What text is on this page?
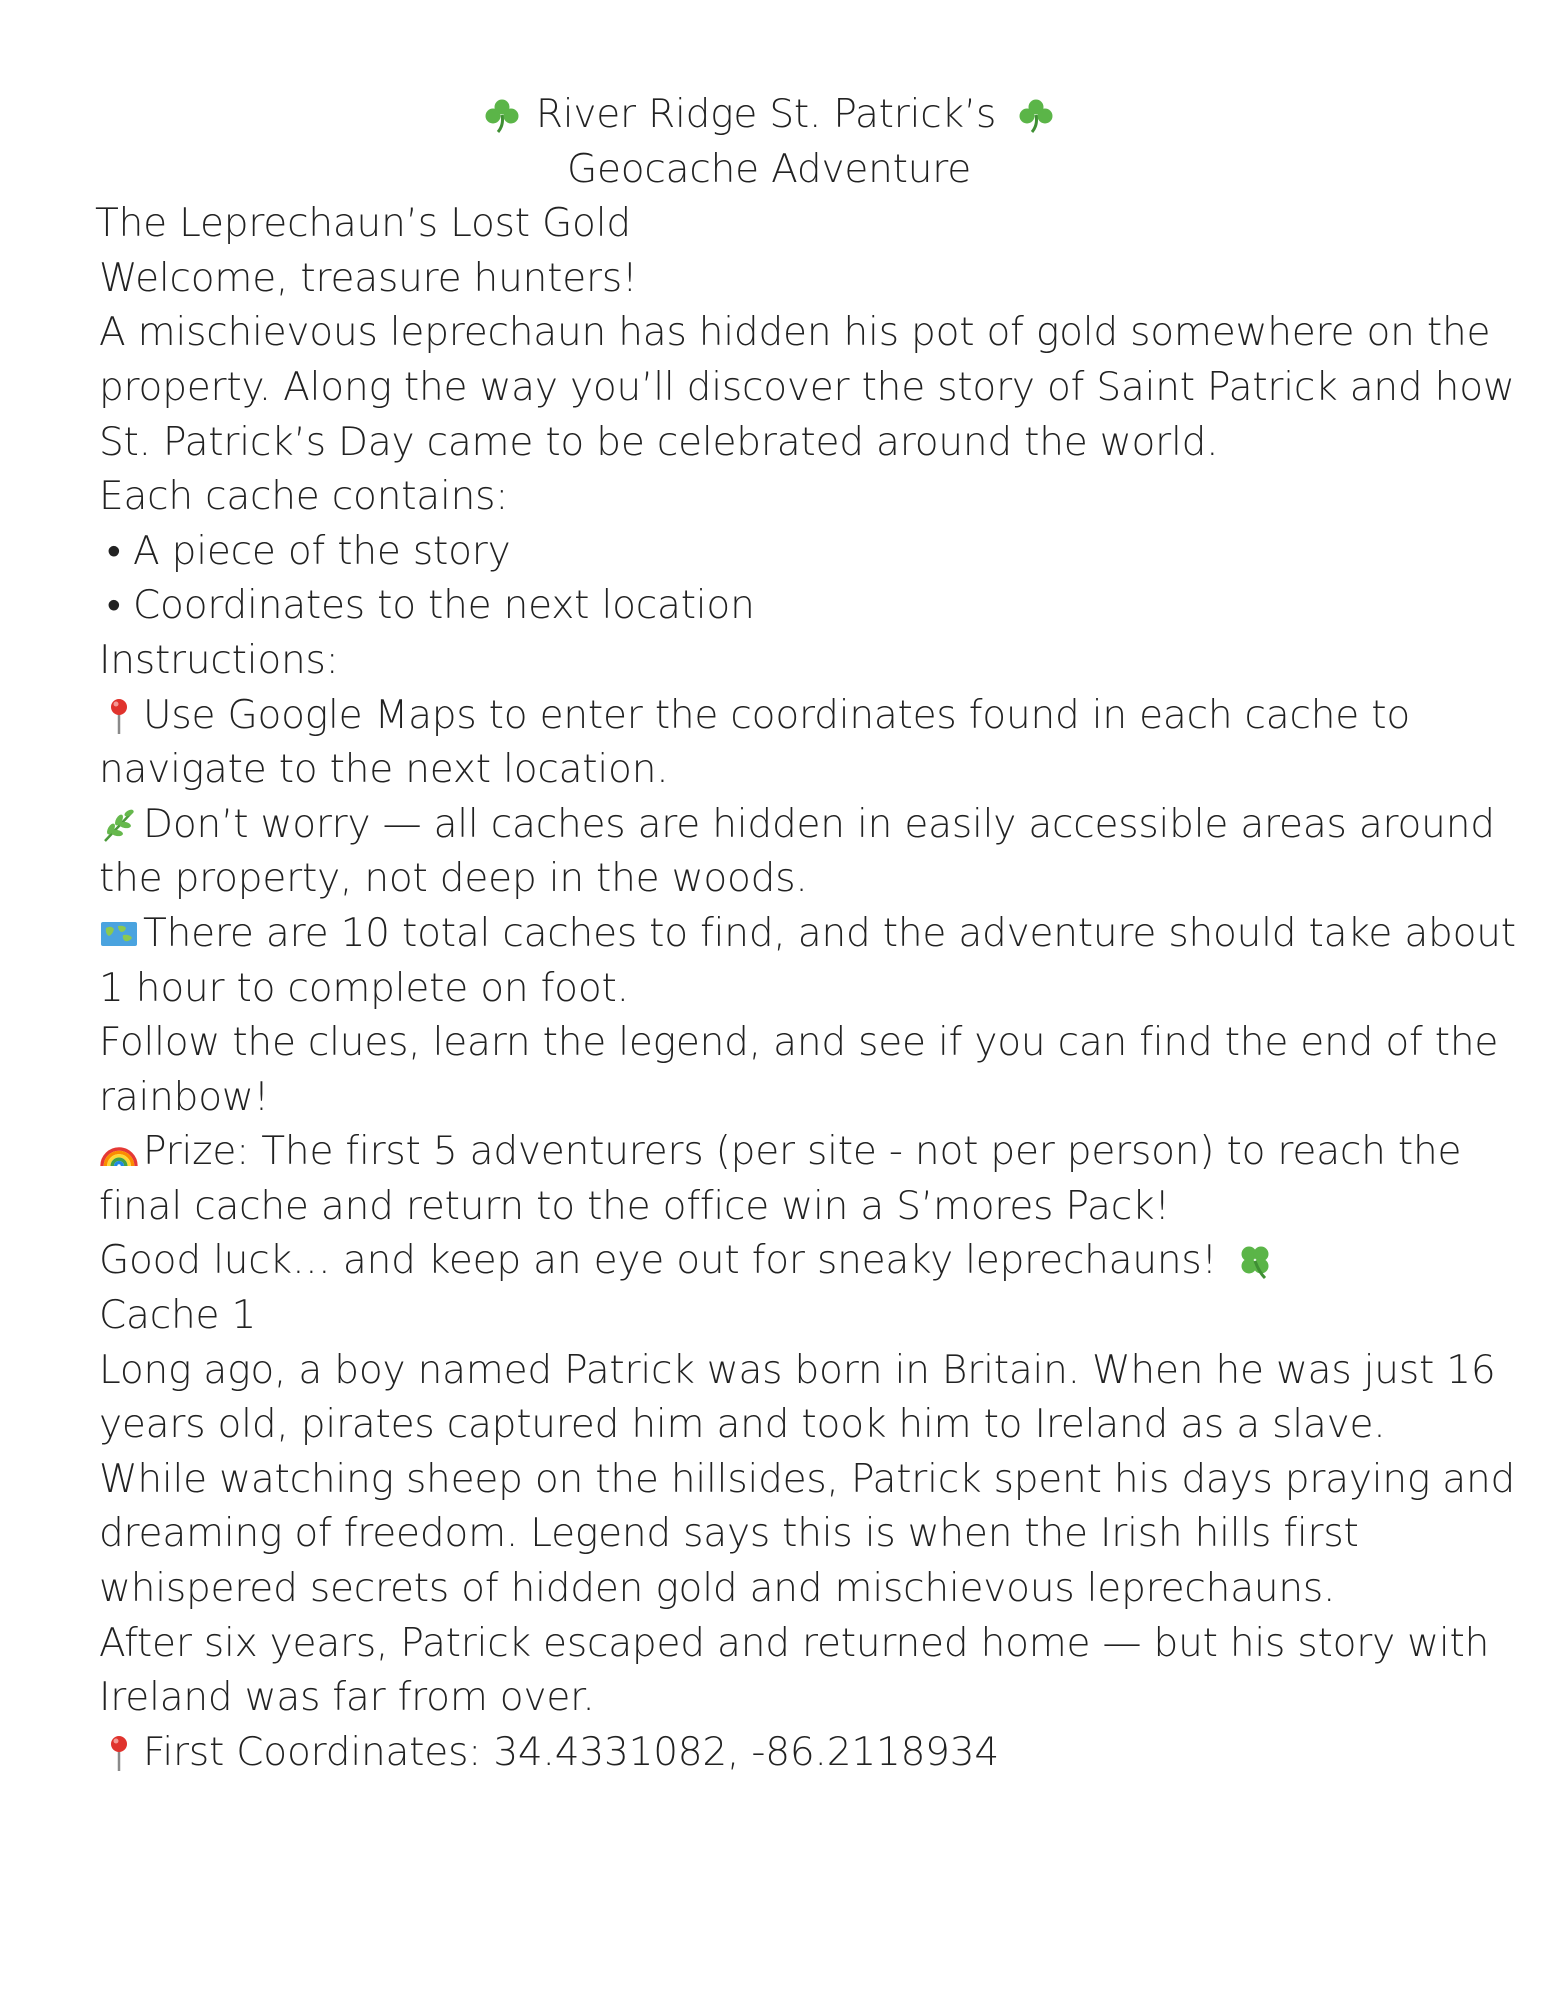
River Ridge St. Patrick’s
Geocache Adventure
The Leprechaun’s Lost Gold
Welcome, treasure hunters!
A mischievous leprechaun has hidden his pot of gold somewhere on the
property. Along the way you’ll discover the story of Saint Patrick and how
St. Patrick’s Day came to be celebrated around the world.
Each cache contains:
• A piece of the story
• Coordinates to the next location
Instructions:
Use Google Maps to enter the coordinates found in each cache to
navigate to the next location.
Don’t worry — all caches are hidden in easily accessible areas around
the property, not deep in the woods.
There are 10 total caches to find, and the adventure should take about
1 hour to complete on foot.
Follow the clues, learn the legend, and see if you can find the end of the
rainbow!
Prize: The first 5 adventurers (per site - not per person) to reach the
final cache and return to the office win a S’mores Pack!
Good luck… and keep an eye out for sneaky leprechauns!
Cache 1
Long ago, a boy named Patrick was born in Britain. When he was just 16
years old, pirates captured him and took him to Ireland as a slave.
While watching sheep on the hillsides, Patrick spent his days praying and
dreaming of freedom. Legend says this is when the Irish hills first
whispered secrets of hidden gold and mischievous leprechauns.
After six years, Patrick escaped and returned home — but his story with
Ireland was far from over.
First Coordinates: 34.4331082, -86.2118934
